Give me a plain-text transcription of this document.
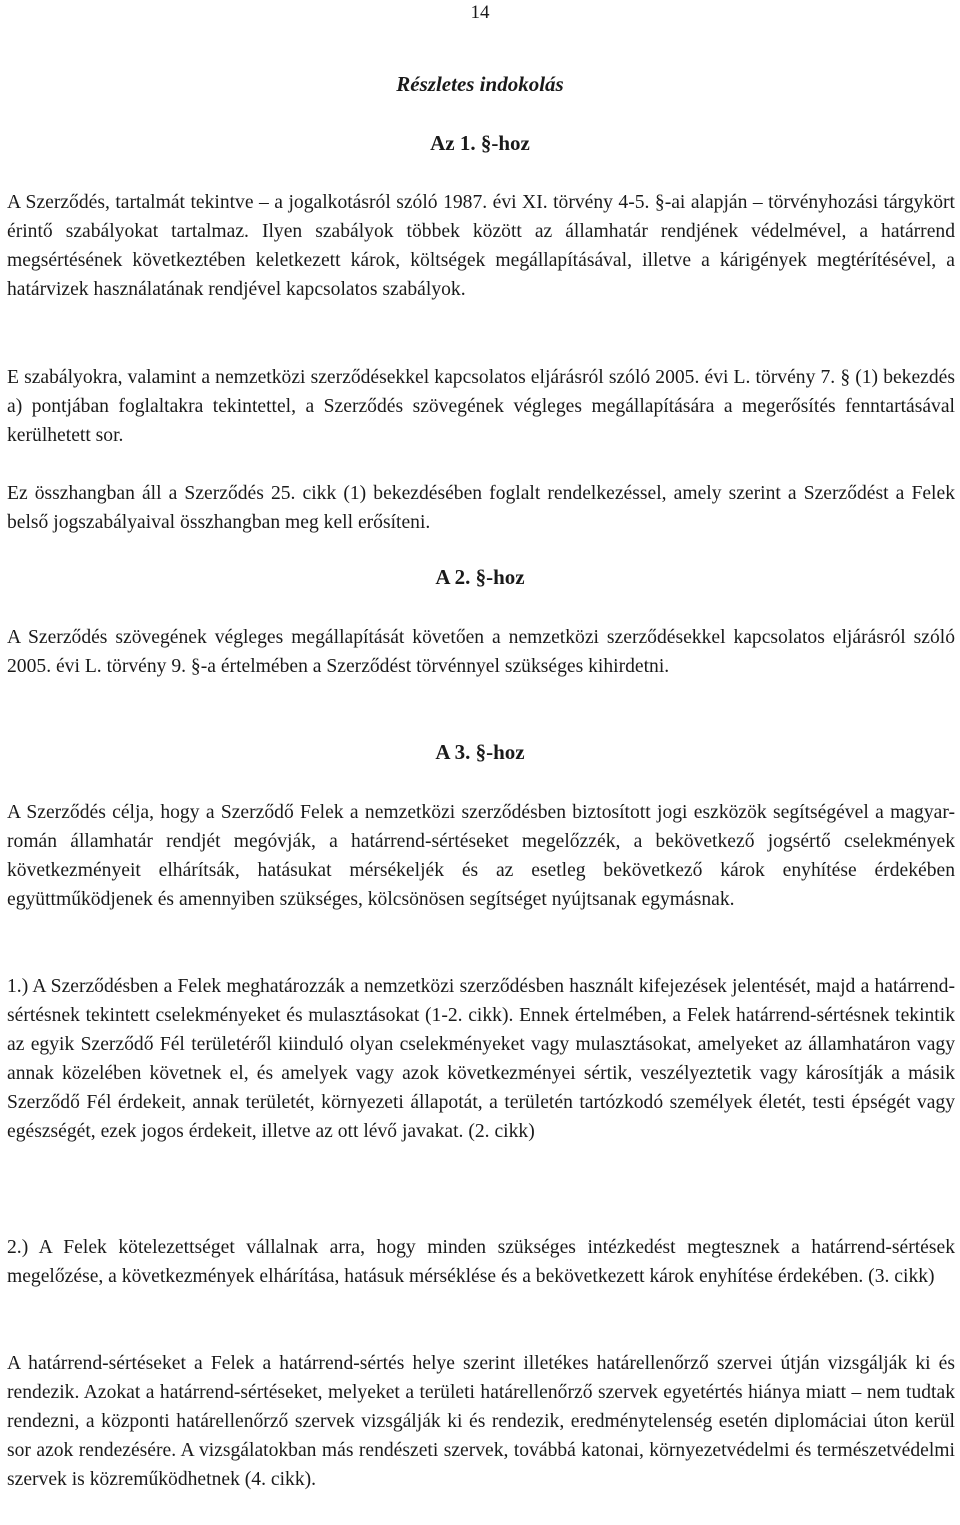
14
Részletes indokolás
Az 1. §-hoz

A Szerződés, tartalmát tekintve – a jogalkotásról szóló 1987. évi XI. törvény 4-5. §-ai alapján – törvényhozási tárgykört érintő szabályokat tartalmaz. Ilyen szabályok többek között az államhatár rendjének védelmével, a határrend megsértésének következtében keletkezett károk, költségek megállapításával, illetve a kárigények megtérítésével, a határvizek használatának rendjével kapcsolatos szabályok.

E szabályokra, valamint a nemzetközi szerződésekkel kapcsolatos eljárásról szóló 2005. évi L. törvény 7. § (1) bekezdés a) pontjában foglaltakra tekintettel, a Szerződés szövegének végleges megállapítására a megerősítés fenntartásával kerülhetett sor.

Ez összhangban áll a Szerződés 25. cikk (1) bekezdésében foglalt rendelkezéssel, amely szerint a Szerződést a Felek belső jogszabályaival összhangban meg kell erősíteni.

A 2. §-hoz

A Szerződés szövegének végleges megállapítását követően a nemzetközi szerződésekkel kapcsolatos eljárásról szóló 2005. évi L. törvény 9. §-a értelmében a Szerződést törvénnyel szükséges kihirdetni.

A 3. §-hoz

A Szerződés célja, hogy a Szerződő Felek a nemzetközi szerződésben biztosított jogi eszközök segítségével a magyar-román államhatár rendjét megóvják, a határrend-sértéseket megelőzzék, a bekövetkező jogsértő cselekmények következményeit elhárítsák, hatásukat mérsékeljék és az esetleg bekövetkező károk enyhítése érdekében együttműködjenek és amennyiben szükséges, kölcsönösen segítséget nyújtsanak egymásnak.

1.) A Szerződésben a Felek meghatározzák a nemzetközi szerződésben használt kifejezések jelentését, majd a határrend-sértésnek tekintett cselekményeket és mulasztásokat (1-2. cikk). Ennek értelmében, a Felek határrend-sértésnek tekintik az egyik Szerződő Fél területéről kiinduló olyan cselekményeket vagy mulasztásokat, amelyeket az államhatáron vagy annak közelében követnek el, és amelyek vagy azok következményei sértik, veszélyeztetik vagy károsítják a másik Szerződő Fél érdekeit, annak területét, környezeti állapotát, a területén tartózkodó személyek életét, testi épségét vagy egészségét, ezek jogos érdekeit, illetve az ott lévő javakat. (2. cikk)

2.) A Felek kötelezettséget vállalnak arra, hogy minden szükséges intézkedést megtesznek a határrend-sértések megelőzése, a következmények elhárítása, hatásuk mérséklése és a bekövetkezett károk enyhítése érdekében. (3. cikk)

A határrend-sértéseket a Felek a határrend-sértés helye szerint illetékes határellenőrző szervei útján vizsgálják ki és rendezik. Azokat a határrend-sértéseket, melyeket a területi határellenőrző szervek egyetértés hiánya miatt – nem tudtak rendezni, a központi határellenőrző szervek vizsgálják ki és rendezik, eredménytelenség esetén diplomáciai úton kerül sor azok rendezésére. A vizsgálatokban más rendészeti szervek, továbbá katonai, környezetvédelmi és természetvédelmi szervek is közreműködhetnek (4. cikk).
